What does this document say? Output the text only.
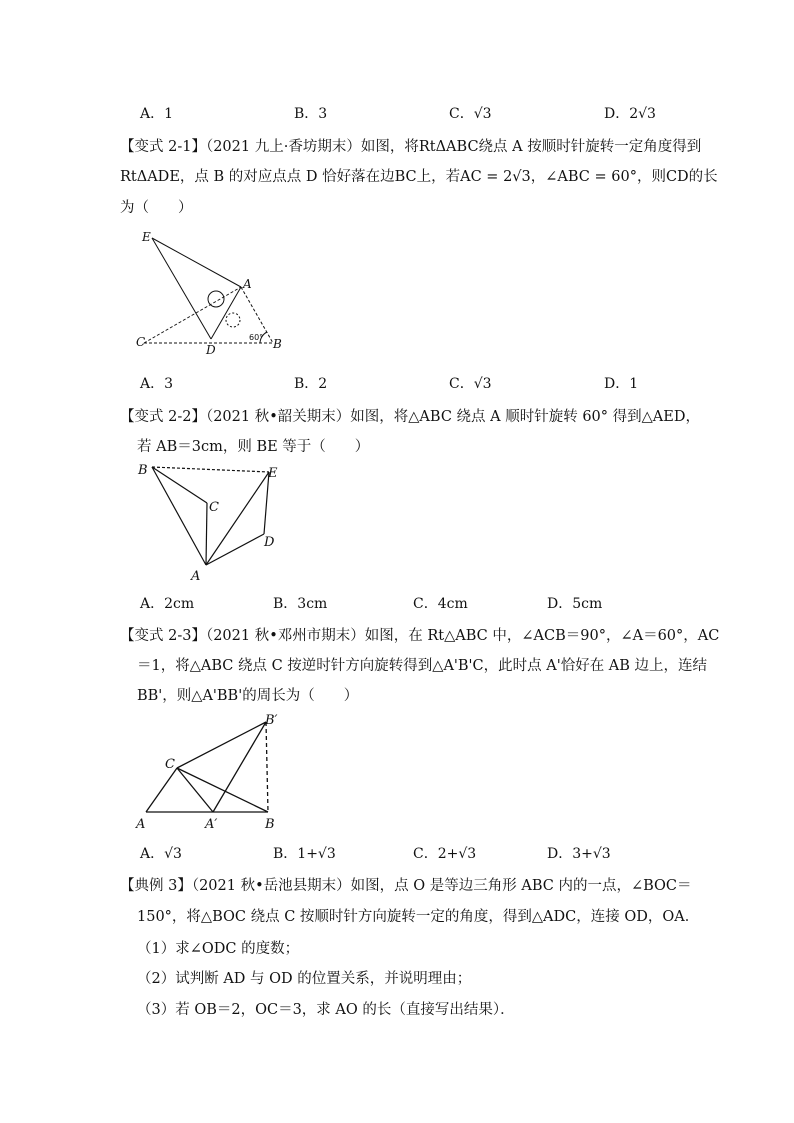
A．1	B．3	C．√3	D．2√3
【变式 2-1】（2021 九上·香坊期末）如图，将RtΔABC绕点 A 按顺时针旋转一定角度得到
RtΔADE，点 B 的对应点点 D 恰好落在边BC上，若AC = 2√3，∠ABC = 60°，则CD的长
为（　　）
E
A
C
D	B
60°
A．3	B．2	C．√3	D．1
【变式 2-2】（2021 秋•韶关期末）如图，将△ABC 绕点 A 顺时针旋转 60° 得到△AED，
若 AB＝3cm，则 BE 等于（　　）
B	E
C
D
A
A．2cm	B．3cm	C．4cm	D．5cm
【变式 2-3】（2021 秋•邓州市期末）如图，在 Rt△ABC 中，∠ACB＝90°，∠A＝60°，AC
＝1，将△ABC 绕点 C 按逆时针方向旋转得到△A'B'C，此时点 A'恰好在 AB 边上，连结
BB'，则△A'BB'的周长为（　　）
B′
C
A	A′	B
A．√3	B．1+√3	C．2+√3	D．3+√3
【典例 3】（2021 秋•岳池县期末）如图，点 O 是等边三角形 ABC 内的一点，∠BOC＝
150°，将△BOC 绕点 C 按顺时针方向旋转一定的角度，得到△ADC，连接 OD，OA．
（1）求∠ODC 的度数；
（2）试判断 AD 与 OD 的位置关系，并说明理由；
（3）若 OB＝2，OC＝3，求 AO 的长（直接写出结果）．
